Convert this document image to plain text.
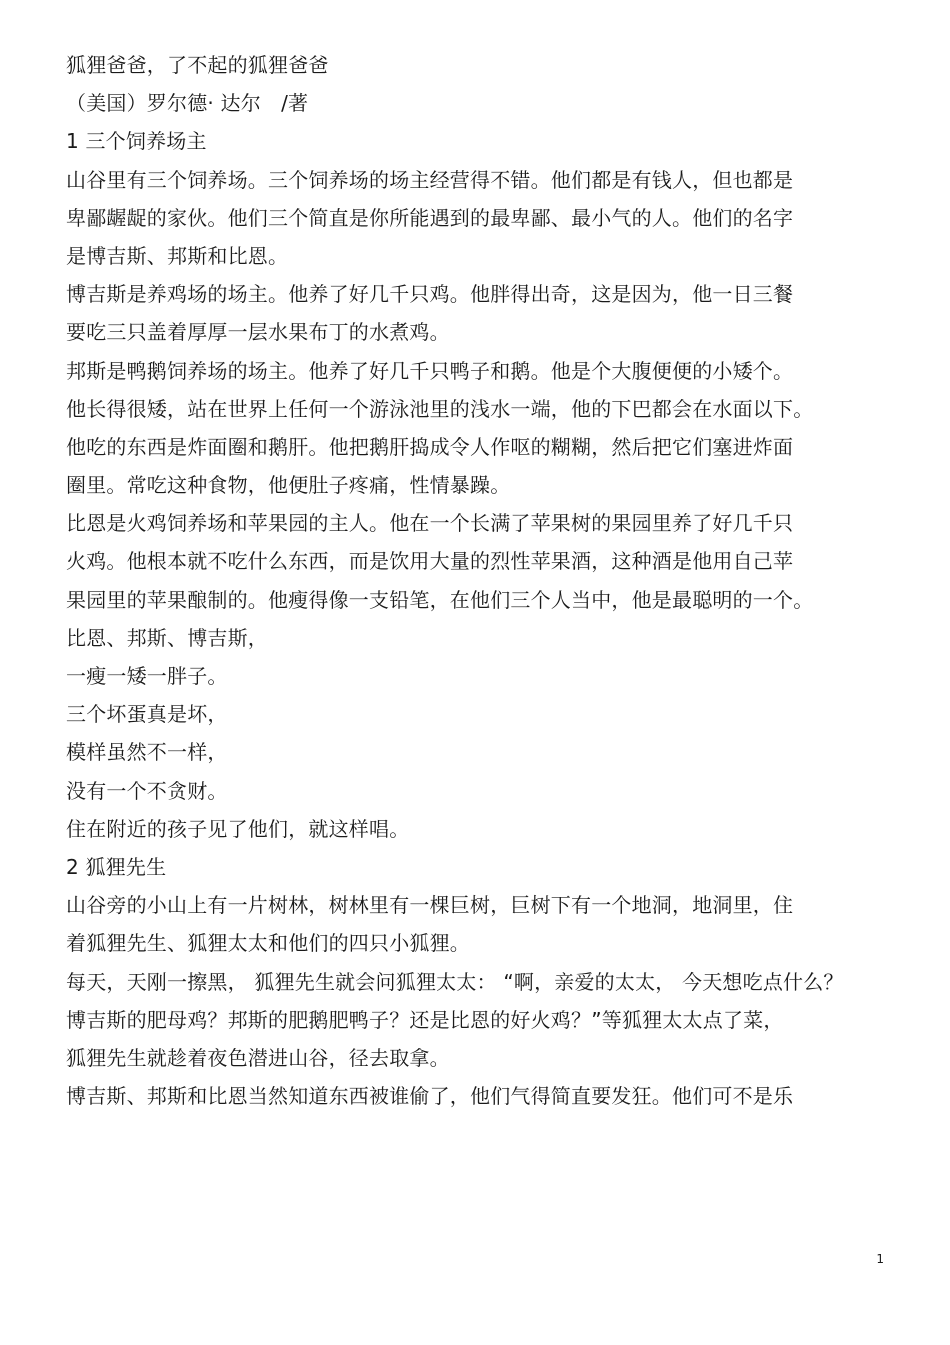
狐狸爸爸，了不起的狐狸爸爸
（美国）罗尔德· 达尔　/著
1 三个饲养场主
山谷里有三个饲养场。三个饲养场的场主经营得不错。他们都是有钱人，但也都是
卑鄙龌龊的家伙。他们三个简直是你所能遇到的最卑鄙、最小气的人。他们的名字
是博吉斯、邦斯和比恩。
博吉斯是养鸡场的场主。他养了好几千只鸡。他胖得出奇，这是因为，他一日三餐
要吃三只盖着厚厚一层水果布丁的水煮鸡。
邦斯是鸭鹅饲养场的场主。他养了好几千只鸭子和鹅。他是个大腹便便的小矮个。
他长得很矮，站在世界上任何一个游泳池里的浅水一端，他的下巴都会在水面以下。
他吃的东西是炸面圈和鹅肝。他把鹅肝捣成令人作呕的糊糊，然后把它们塞进炸面
圈里。常吃这种食物，他便肚子疼痛，性情暴躁。
比恩是火鸡饲养场和苹果园的主人。他在一个长满了苹果树的果园里养了好几千只
火鸡。他根本就不吃什么东西，而是饮用大量的烈性苹果酒，这种酒是他用自己苹
果园里的苹果酿制的。他瘦得像一支铅笔，在他们三个人当中，他是最聪明的一个。
比恩、邦斯、博吉斯，
一瘦一矮一胖子。
三个坏蛋真是坏，
模样虽然不一样，
没有一个不贪财。
住在附近的孩子见了他们，就这样唱。
2 狐狸先生
山谷旁的小山上有一片树林，树林里有一棵巨树，巨树下有一个地洞，地洞里，住
着狐狸先生、狐狸太太和他们的四只小狐狸。
每天，天刚一擦黑， 狐狸先生就会问狐狸太太： “啊，亲爱的太太， 今天想吃点什么？
博吉斯的肥母鸡？邦斯的肥鹅肥鸭子？还是比恩的好火鸡？”等狐狸太太点了菜，
狐狸先生就趁着夜色潜进山谷，径去取拿。
博吉斯、邦斯和比恩当然知道东西被谁偷了，他们气得简直要发狂。他们可不是乐
1
